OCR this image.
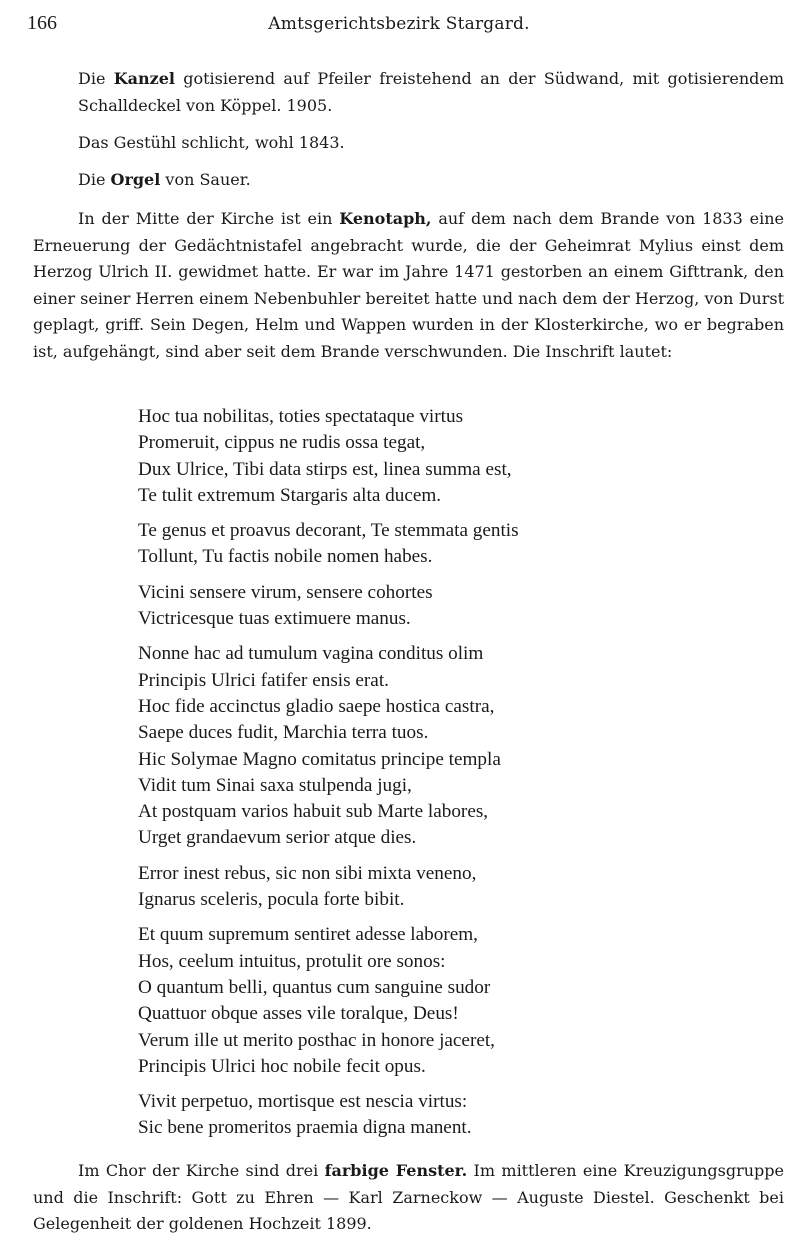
166	Amtsgerichtsbezirk Stargard.

Die Kanzel gotisierend auf Pfeiler freistehend an der Südwand, mit gotisierendem Schalldeckel von Köppel. 1905.

Das Gestühl schlicht, wohl 1843.

Die Orgel von Sauer.

In der Mitte der Kirche ist ein Kenotaph, auf dem nach dem Brande von 1833 eine Erneuerung der Gedächtnistafel angebracht wurde, die der Geheimrat Mylius einst dem Herzog Ulrich II. gewidmet hatte. Er war im Jahre 1471 gestorben an einem Gifttrank, den einer seiner Herren einem Nebenbuhler bereitet hatte und nach dem der Herzog, von Durst geplagt, griff. Sein Degen, Helm und Wappen wurden in der Klosterkirche, wo er begraben ist, aufgehängt, sind aber seit dem Brande verschwunden. Die Inschrift lautet:

Hoc tua nobilitas, toties spectataque virtus
Promeruit, cippus ne rudis ossa tegat,
Dux Ulrice, Tibi data stirps est, linea summa est,
Te tulit extremum Stargaris alta ducem.
Te genus et proavus decorant, Te stemmata gentis
Tollunt, Tu factis nobile nomen habes.
Vicini sensere virum, sensere cohortes
Victricesque tuas extimuere manus.
Nonne hac ad tumulum vagina conditus olim
Principis Ulrici fatifer ensis erat.
Hoc fide accinctus gladio saepe hostica castra,
Saepe duces fudit, Marchia terra tuos.
Hic Solymae Magno comitatus principe templa
Vidit tum Sinai saxa stulpenda jugi,
At postquam varios habuit sub Marte labores,
Urget grandaevum serior atque dies.
Error inest rebus, sic non sibi mixta veneno,
Ignarus sceleris, pocula forte bibit.
Et quum supremum sentiret adesse laborem,
Hos, ceelum intuitus, protulit ore sonos:
O quantum belli, quantus cum sanguine sudor
Quattuor obque asses vile toralque, Deus!
Verum ille ut merito posthac in honore jaceret,
Principis Ulrici hoc nobile fecit opus.
Vivit perpetuo, mortisque est nescia virtus:
Sic bene promeritos praemia digna manent.

Im Chor der Kirche sind drei farbige Fenster. Im mittleren eine Kreuzigungsgruppe und die Inschrift: Gott zu Ehren — Karl Zarneckow — Auguste Diestel. Geschenkt bei Gelegenheit der goldenen Hochzeit 1899.
